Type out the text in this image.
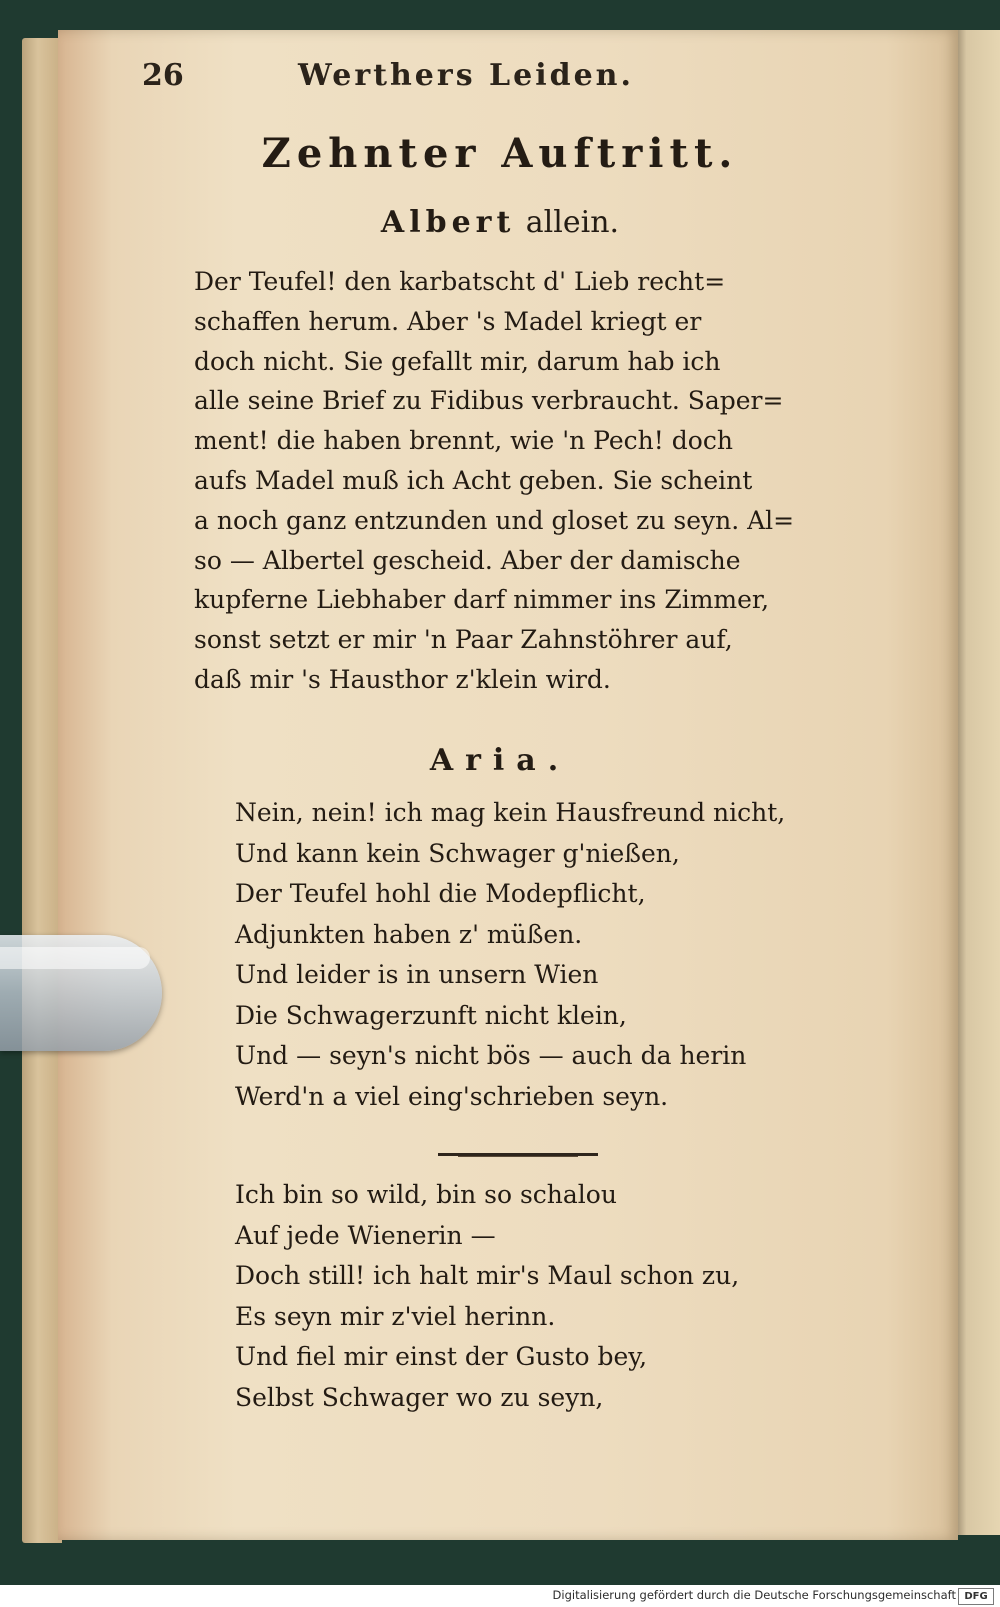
26	Werthers Leiden.
Zehnter Auftritt.
Albert allein.
Der Teufel! den karbatscht d' Lieb recht=
schaffen herum. Aber 's Madel kriegt er
doch nicht. Sie gefallt mir, darum hab ich
alle seine Brief zu Fidibus verbraucht. Saper=
ment! die haben brennt, wie 'n Pech! doch
aufs Madel muß ich Acht geben. Sie scheint
a noch ganz entzunden und gloset zu seyn. Al=
so — Albertel gescheid. Aber der damische
kupferne Liebhaber darf nimmer ins Zimmer,
sonst setzt er mir 'n Paar Zahnstöhrer auf,
daß mir 's Hausthor z'klein wird.
Aria.
Nein, nein! ich mag kein Hausfreund nicht,
Und kann kein Schwager g'nießen,
Der Teufel hohl die Modepflicht,
Adjunkten haben z' müßen.
Und leider is in unsern Wien
Die Schwagerzunft nicht klein,
Und — seyn's nicht bös — auch da herin
Werd'n a viel eing'schrieben seyn.
Ich bin so wild, bin so schalou
Auf jede Wienerin —
Doch still! ich halt mir's Maul schon zu,
Es seyn mir z'viel herinn.
Und fiel mir einst der Gusto bey,
Selbst Schwager wo zu seyn,
Digitalisierung gefördert durch die Deutsche Forschungsgemeinschaft DFG
